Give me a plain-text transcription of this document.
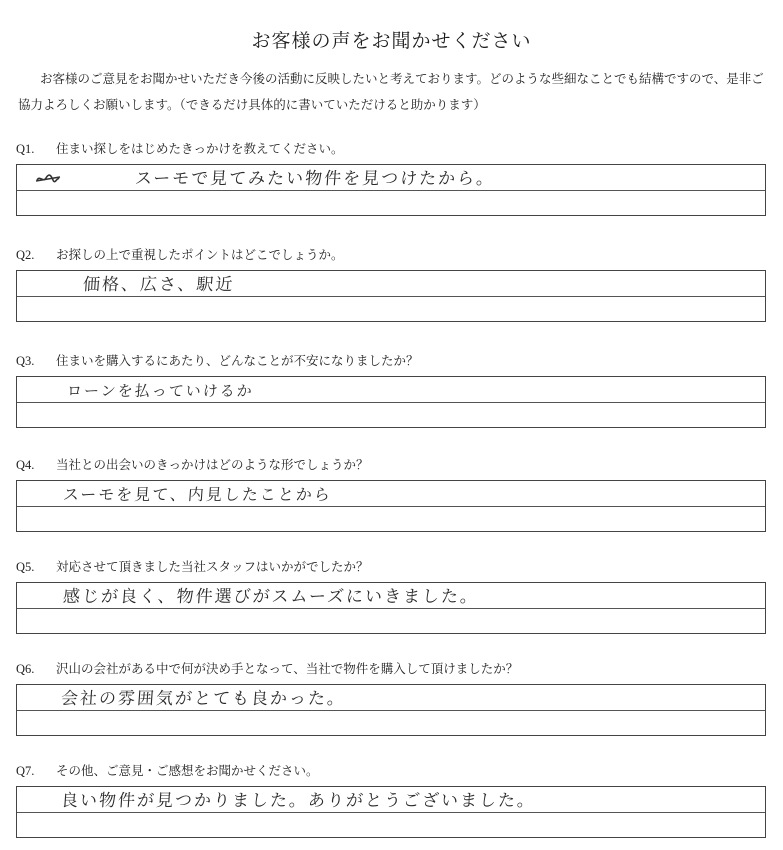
お客様の声をお聞かせください
お客様のご意見をお聞かせいただき今後の活動に反映したいと考えております。どのような些細なことでも結構ですので、是非ご協力よろしくお願いします。（できるだけ具体的に書いていただけると助かります）
Q1. 住まい探しをはじめたきっかけを教えてください。
スーモで見てみたい物件を見つけたから。
Q2. お探しの上で重視したポイントはどこでしょうか。
価格、広さ、駅近
Q3. 住まいを購入するにあたり、どんなことが不安になりましたか？
ローンを払っていけるか
Q4. 当社との出会いのきっかけはどのような形でしょうか？
スーモを見て、内見したことから
Q5. 対応させて頂きました当社スタッフはいかがでしたか？
感じが良く、物件選びがスムーズにいきました。
Q6. 沢山の会社がある中で何が決め手となって、当社で物件を購入して頂けましたか？
会社の雰囲気がとても良かった。
Q7. その他、ご意見・ご感想をお聞かせください。
良い物件が見つかりました。ありがとうございました。
